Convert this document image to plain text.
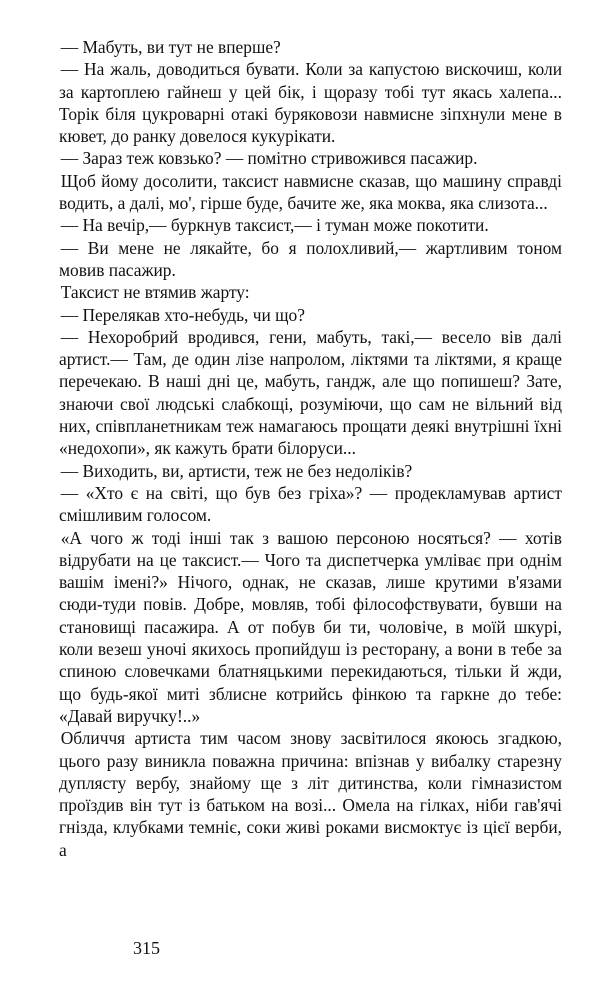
— Мабуть, ви тут не вперше?

— На жаль, доводиться бувати. Коли за капустою вискочиш, коли за картоплею гайнеш у цей бік, і щоразу тобі тут якась халепа... Торік біля цукроварні отакі буряковози навмисне зіпхнули мене в кювет, до ранку довелося кукурікати.

— Зараз теж ковзько? — помітно стривожився пасажир.

Щоб йому досолити, таксист навмисне сказав, що машину справді водить, а далі, мо', гірше буде, бачите же, яка моква, яка слизота...

— На вечір,— буркнув таксист,— і туман може покотити.

— Ви мене не лякайте, бо я полохливий,— жартливим тоном мовив пасажир.

Таксист не втямив жарту:

— Перелякав хто-небудь, чи що?

— Нехоробрий вродився, гени, мабуть, такі,— весело вів далі артист.— Там, де один лізе напролом, ліктями та ліктями, я краще перечекаю. В наші дні це, мабуть, гандж, але що попишеш? Зате, знаючи свої людські слабкощі, розуміючи, що сам не вільний від них, співпланетникам теж намагаюсь прощати деякі внутрішні їхні «недохопи», як кажуть брати білоруси...

— Виходить, ви, артисти, теж не без недоліків?

— «Хто є на світі, що був без гріха»? — продекламував артист смішливим голосом.

«А чого ж тоді інші так з вашою персоною носяться? — хотів відрубати на це таксист.— Чого та диспетчерка умліває при однім вашім імені?» Нічого, однак, не сказав, лише крутими в'язами сюди-туди повів. Добре, мовляв, тобі філософствувати, бувши на становищі пасажира. А от побув би ти, чоловіче, в моїй шкурі, коли везеш уночі якихось пропийдуш із ресторану, а вони в тебе за спиною словечками блатняцькими перекидаються, тільки й жди, що будь-якої миті зблисне котрийсь фінкою та гаркне до тебе: «Давай виручку!..»

Обличчя артиста тим часом знову засвітилося якоюсь згадкою, цього разу виникла поважна причина: впізнав у вибалку старезну дуплясту вербу, знайому ще з літ дитинства, коли гімназистом проїздив він тут із батьком на возі... Омела на гілках, ніби гав'ячі гнізда, клубками темніє, соки живі роками висмоктує із цієї верби, а

315
